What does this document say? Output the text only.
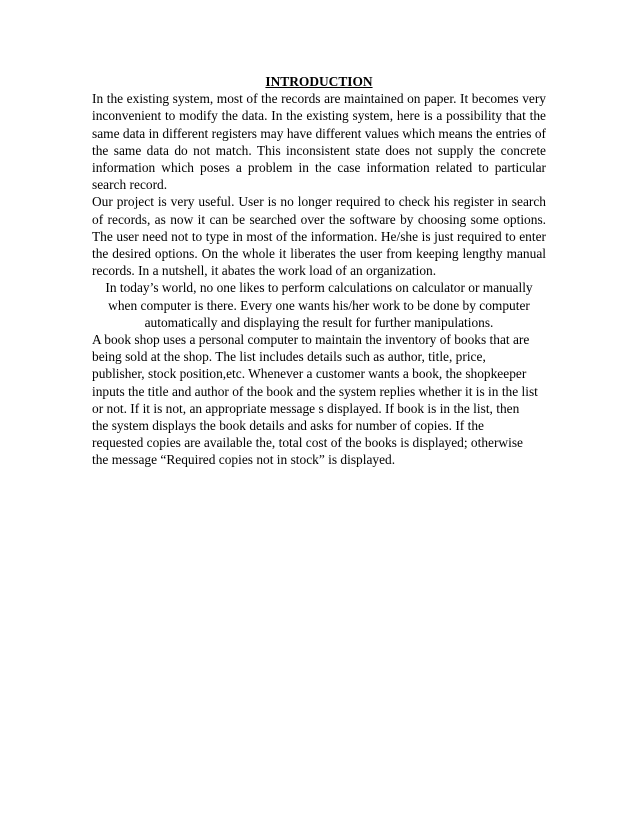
INTRODUCTION

In the existing system, most of the records are maintained on paper. It becomes very inconvenient to modify the data. In the existing system, here is a possibility that the same data in different registers may have different values which means the entries of the same data do not match. This inconsistent state does not supply the concrete information which poses a problem in the case information related to particular search record.

Our project is very useful. User is no longer required to check his register in search of records, as now it can be searched over the software by choosing some options. The user need not to type in most of the information. He/she is just required to enter the desired options. On the whole it liberates the user from keeping lengthy manual records. In a nutshell, it abates the work load of an organization.

In today’s world, no one likes to perform calculations on calculator or manually when computer is there. Every one wants his/her work to be done by computer automatically and displaying the result for further manipulations.

A book shop uses a personal computer to maintain the inventory of books that are being sold at the shop. The list includes details such as author, title, price, publisher, stock position,etc. Whenever a customer wants a book, the shopkeeper inputs the title and author of the book and the system replies whether it is in the list or not. If it is not, an appropriate message s displayed. If book is in the list, then the system displays the book details and asks for number of copies. If the requested copies are available the, total cost of the books is displayed; otherwise the message “Required copies not in stock” is displayed.
